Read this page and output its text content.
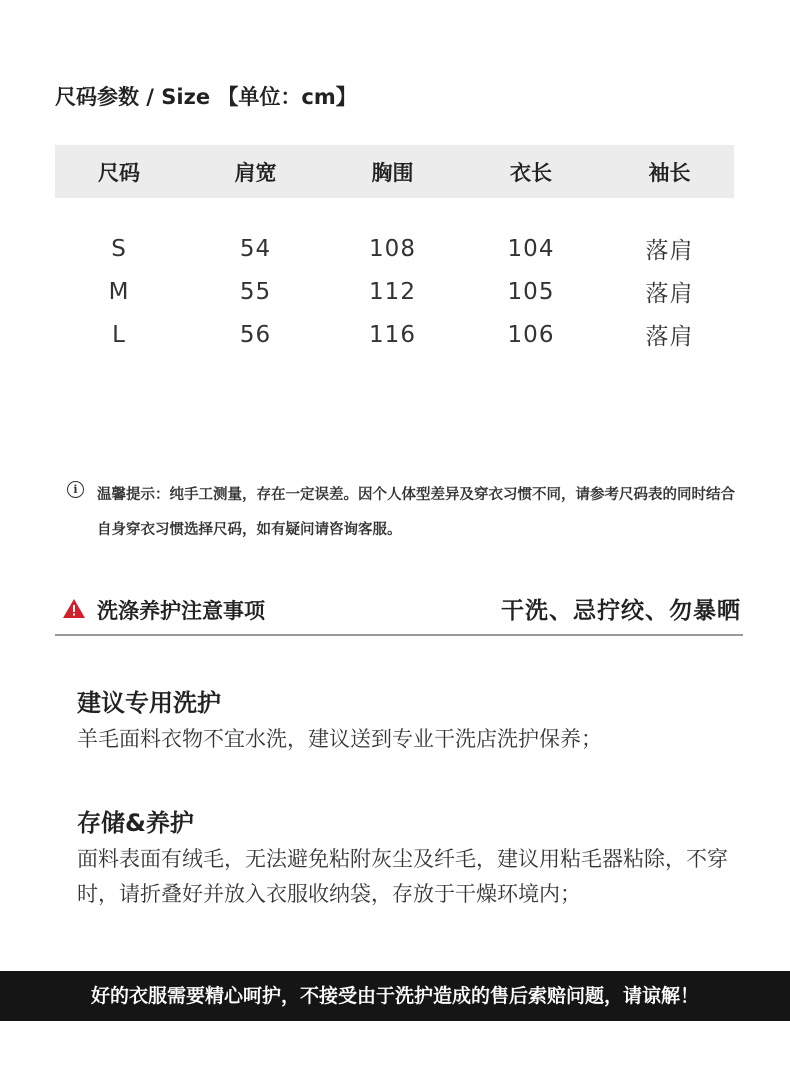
尺码参数 / Size 【单位：cm】
尺码	肩宽	胸围	衣长	袖长
S	54	108	104	落肩
M	55	112	105	落肩
L	56	116	106	落肩
i	温馨提示：纯手工测量，存在一定误差。因个人体型差异及穿衣习惯不同，请参考尺码表的同时结合自身穿衣习惯选择尺码，如有疑问请咨询客服。
洗涤养护注意事项	干洗、忌拧绞、勿暴晒
建议专用洗护
羊毛面料衣物不宜水洗，建议送到专业干洗店洗护保养；
存储&养护
面料表面有绒毛，无法避免粘附灰尘及纤毛，建议用粘毛器粘除，不穿时，请折叠好并放入衣服收纳袋，存放于干燥环境内；
好的衣服需要精心呵护，不接受由于洗护造成的售后索赔问题，请谅解！
